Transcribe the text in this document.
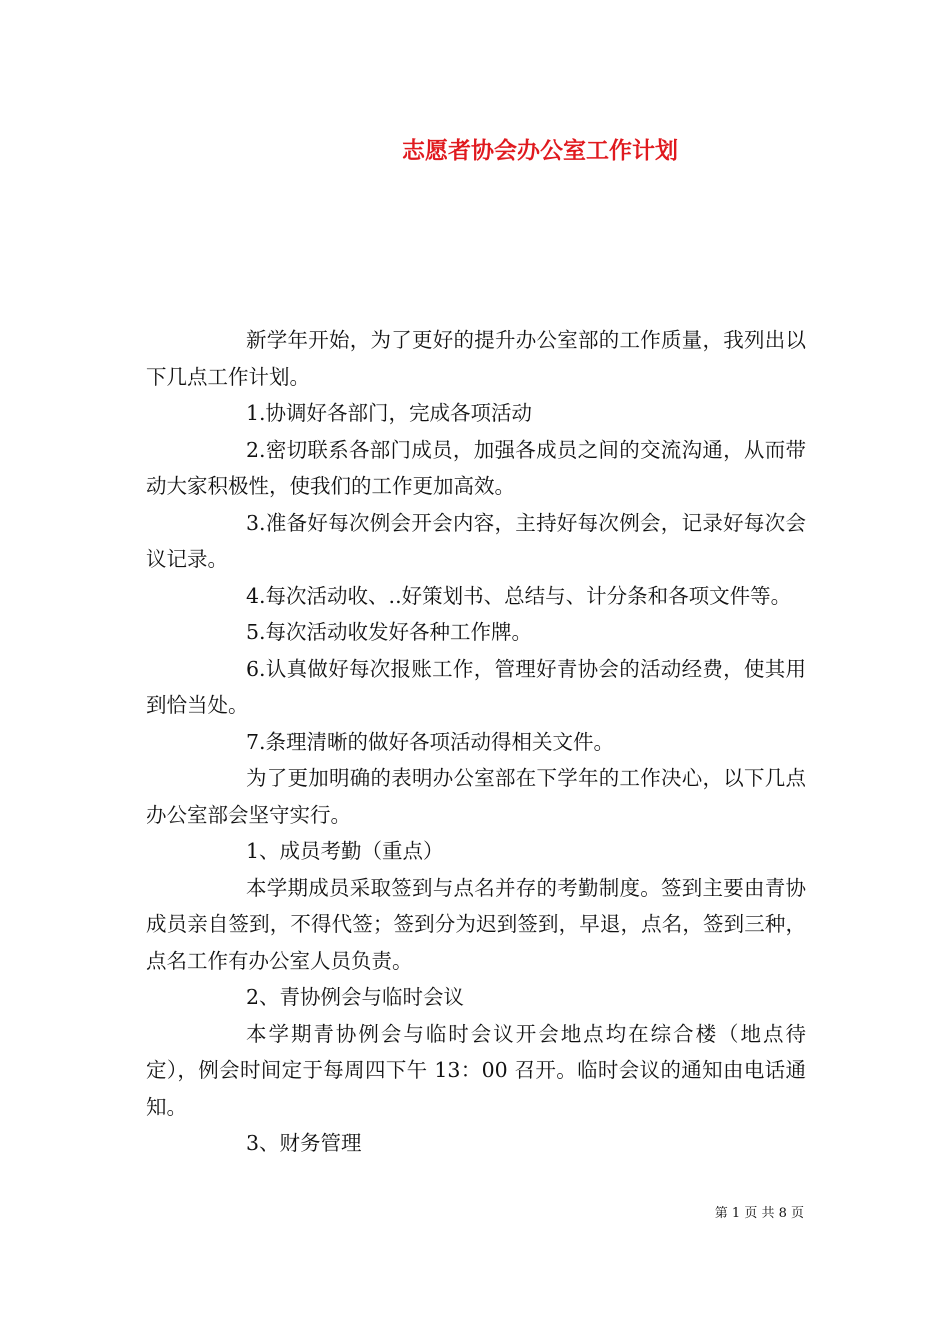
志愿者协会办公室工作计划

新学年开始，为了更好的提升办公室部的工作质量，我列出以下几点工作计划。

1.协调好各部门，完成各项活动

2.密切联系各部门成员，加强各成员之间的交流沟通，从而带动大家积极性，使我们的工作更加高效。

3.准备好每次例会开会内容，主持好每次例会，记录好每次会议记录。

4.每次活动收、..好策划书、总结与、计分条和各项文件等。

5.每次活动收发好各种工作牌。

6.认真做好每次报账工作，管理好青协会的活动经费，使其用到恰当处。

7.条理清晰的做好各项活动得相关文件。

为了更加明确的表明办公室部在下学年的工作决心，以下几点办公室部会坚守实行。

1、成员考勤（重点）

本学期成员采取签到与点名并存的考勤制度。签到主要由青协成员亲自签到，不得代签；签到分为迟到签到，早退，点名，签到三种，点名工作有办公室人员负责。

2、青协例会与临时会议

本学期青协例会与临时会议开会地点均在综合楼（地点待定），例会时间定于每周四下午 13：00 召开。临时会议的通知由电话通知。

3、财务管理

第 1 页 共 8 页
